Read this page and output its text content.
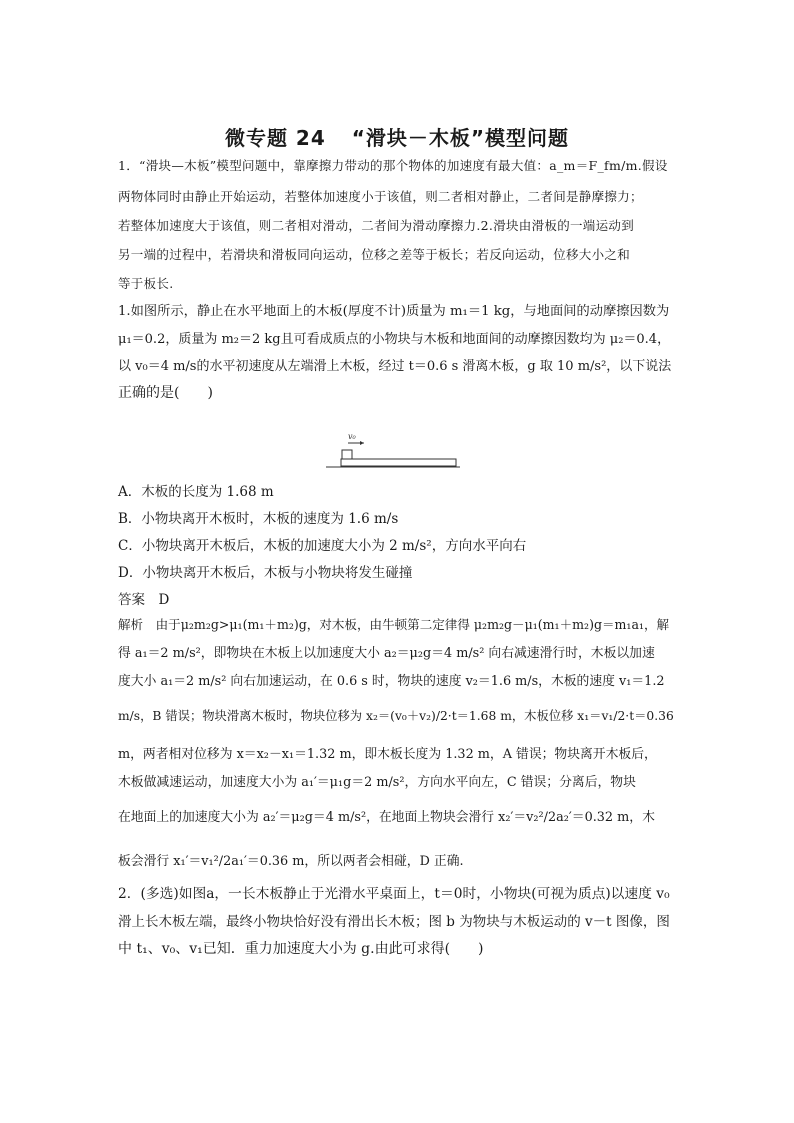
微专题 24 “滑块－木板”模型问题
1．“滑块—木板”模型问题中，靠摩擦力带动的那个物体的加速度有最大值：a_m＝F_fm/m.假设
两物体同时由静止开始运动，若整体加速度小于该值，则二者相对静止，二者间是静摩擦力；
若整体加速度大于该值，则二者相对滑动，二者间为滑动摩擦力.2.滑块由滑板的一端运动到
另一端的过程中，若滑块和滑板同向运动，位移之差等于板长；若反向运动，位移大小之和
等于板长.
1.如图所示，静止在水平地面上的木板(厚度不计)质量为 m₁＝1 kg，与地面间的动摩擦因数为
μ₁＝0.2，质量为 m₂＝2 kg且可看成质点的小物块与木板和地面间的动摩擦因数均为 μ₂＝0.4，
以 v₀＝4 m/s的水平初速度从左端滑上木板，经过 t＝0.6 s 滑离木板，g 取 10 m/s²，以下说法
正确的是(　　)
v₀
A．木板的长度为 1.68 m
B．小物块离开木板时，木板的速度为 1.6 m/s
C．小物块离开木板后，木板的加速度大小为 2 m/s²，方向水平向右
D．小物块离开木板后，木板与小物块将发生碰撞
答案　D
解析　由于μ₂m₂g>μ₁(m₁＋m₂)g，对木板，由牛顿第二定律得 μ₂m₂g－μ₁(m₁＋m₂)g＝m₁a₁，解
得 a₁＝2 m/s²，即物块在木板上以加速度大小 a₂＝μ₂g＝4 m/s² 向右减速滑行时，木板以加速
度大小 a₁＝2 m/s² 向右加速运动，在 0.6 s 时，物块的速度 v₂＝1.6 m/s，木板的速度 v₁＝1.2
m/s，B 错误；物块滑离木板时，物块位移为 x₂＝(v₀＋v₂)/2·t＝1.68 m，木板位移 x₁＝v₁/2·t＝0.36
m，两者相对位移为 x＝x₂－x₁＝1.32 m，即木板长度为 1.32 m，A 错误；物块离开木板后，
木板做减速运动，加速度大小为 a₁′＝μ₁g＝2 m/s²，方向水平向左，C 错误；分离后，物块
在地面上的加速度大小为 a₂′＝μ₂g＝4 m/s²，在地面上物块会滑行 x₂′＝v₂²/2a₂′＝0.32 m，木
板会滑行 x₁′＝v₁²/2a₁′＝0.36 m，所以两者会相碰，D 正确.
2．(多选)如图a，一长木板静止于光滑水平桌面上，t＝0时，小物块(可视为质点)以速度 v₀
滑上长木板左端，最终小物块恰好没有滑出长木板；图 b 为物块与木板运动的 v－t 图像，图
中 t₁、v₀、v₁已知．重力加速度大小为 g.由此可求得(　　)
